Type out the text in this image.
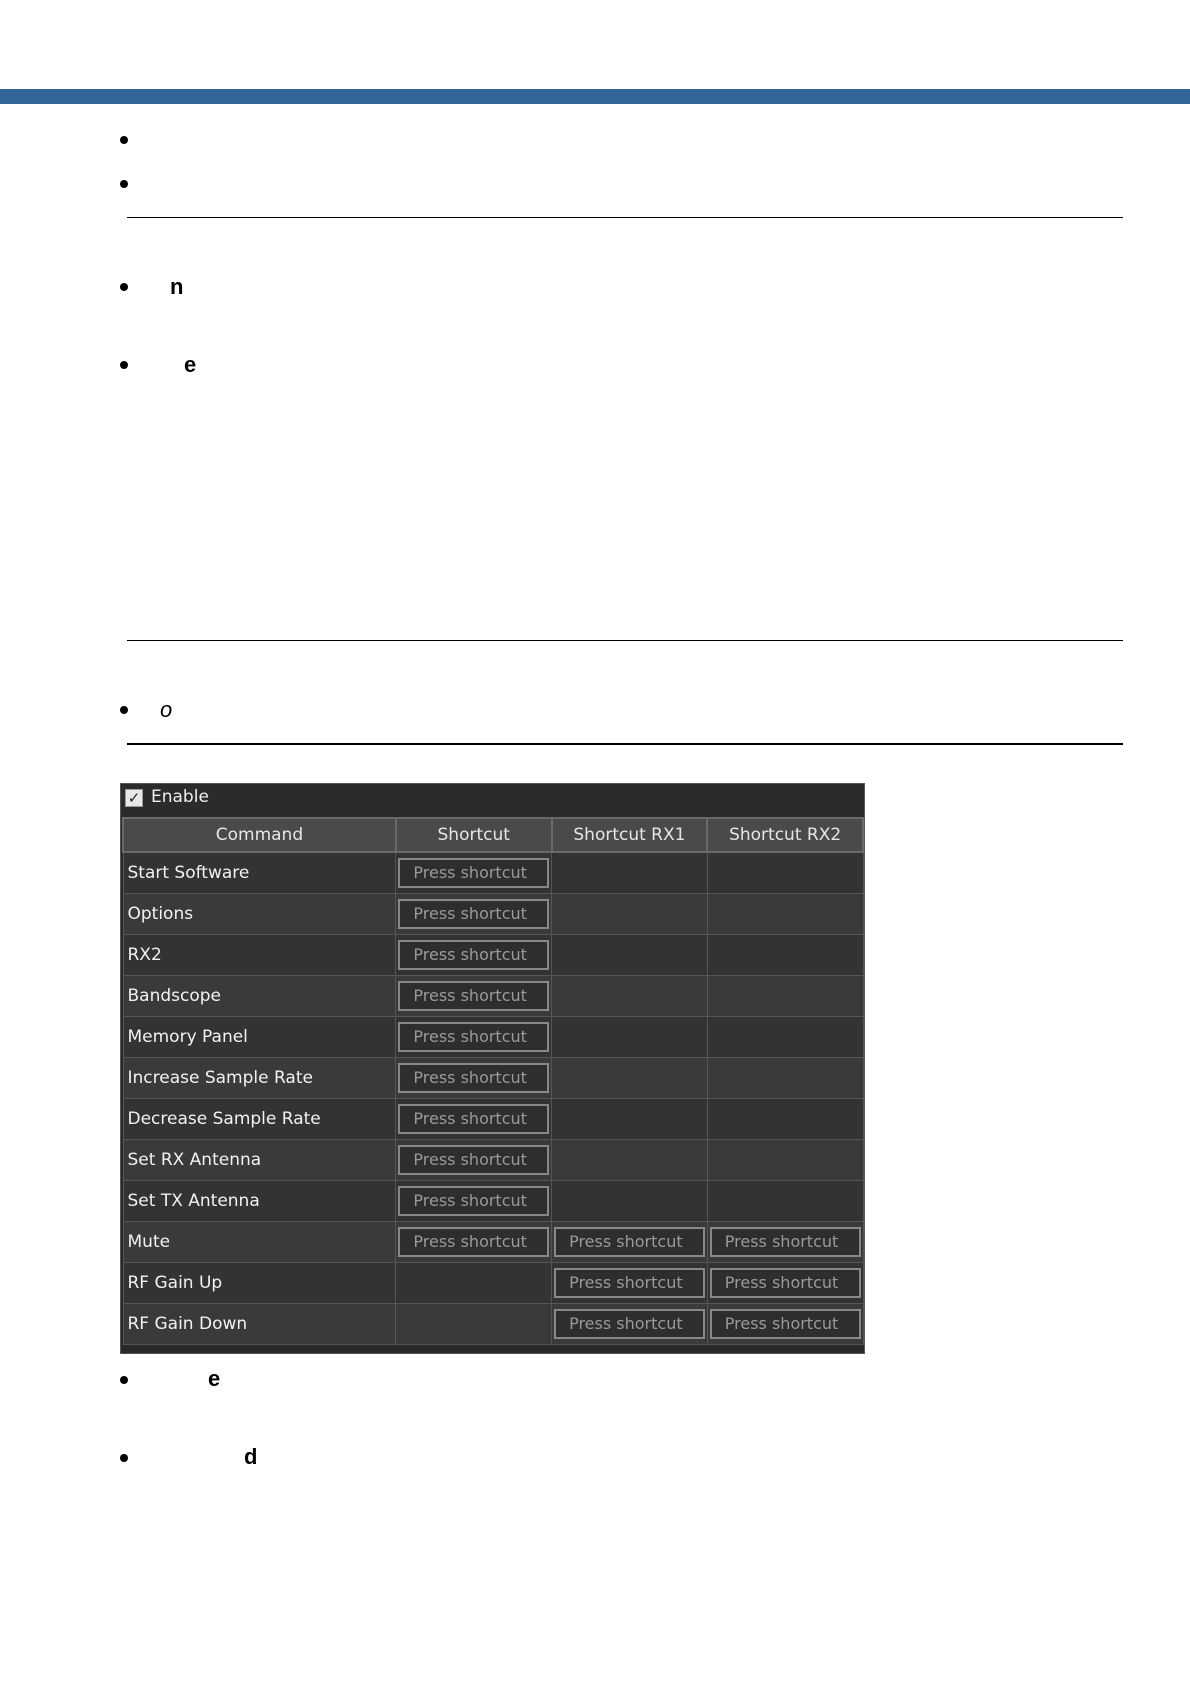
n
e
o
✓ Enable
Command	Shortcut	Shortcut RX1	Shortcut RX2
Start Software	Press shortcut		

Options	Press shortcut		

RX2	Press shortcut		

Bandscope	Press shortcut		

Memory Panel	Press shortcut		

Increase Sample Rate	Press shortcut		

Decrease Sample Rate	Press shortcut		

Set RX Antenna	Press shortcut		

Set TX Antenna	Press shortcut		

Mute	Press shortcut	Press shortcut	Press shortcut

RF Gain Up		Press shortcut	Press shortcut

RF Gain Down		Press shortcut	Press shortcut
e
d
